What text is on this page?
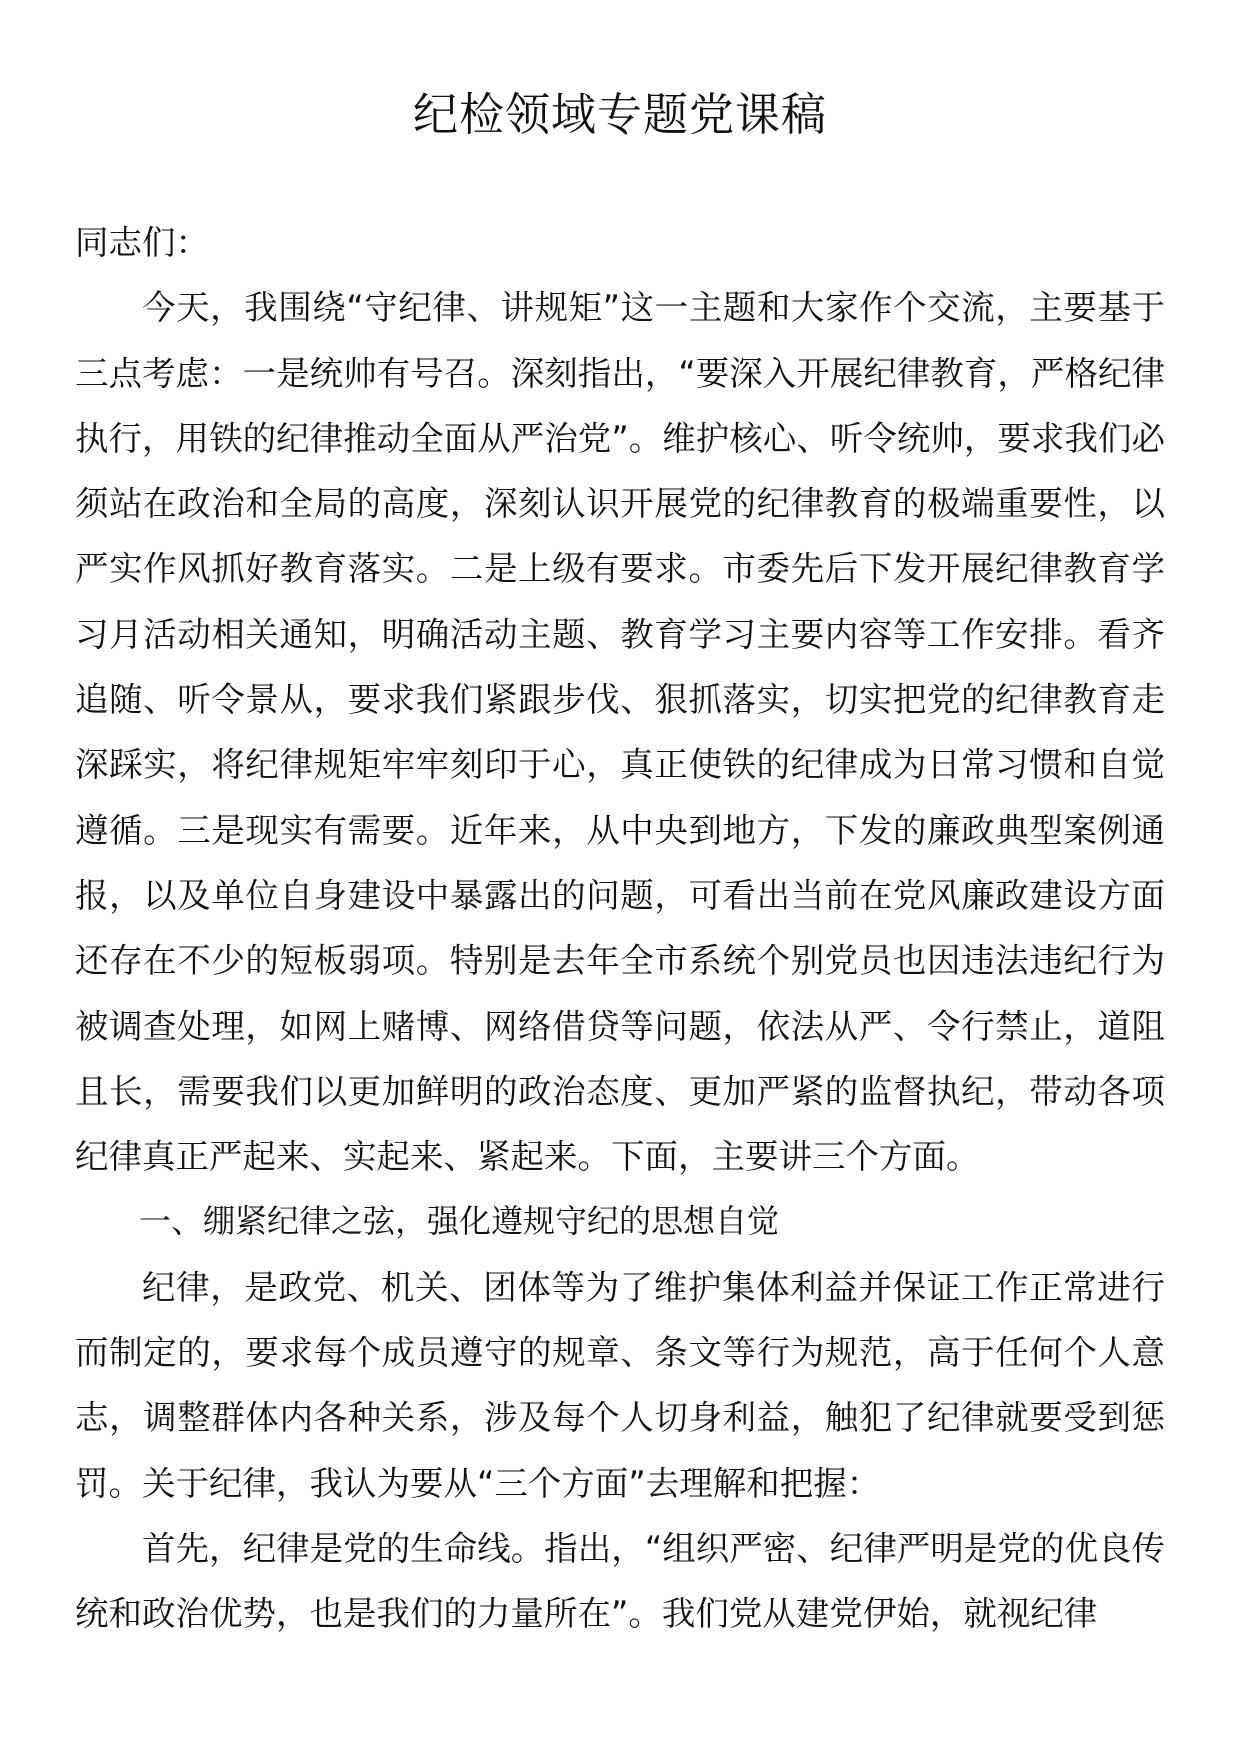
纪检领域专题党课稿

同志们：

今天，我围绕“守纪律、讲规矩”这一主题和大家作个交流，主要基于三点考虑：一是统帅有号召。深刻指出，“要深入开展纪律教育，严格纪律执行，用铁的纪律推动全面从严治党”。维护核心、听令统帅，要求我们必须站在政治和全局的高度，深刻认识开展党的纪律教育的极端重要性，以严实作风抓好教育落实。二是上级有要求。市委先后下发开展纪律教育学习月活动相关通知，明确活动主题、教育学习主要内容等工作安排。看齐追随、听令景从，要求我们紧跟步伐、狠抓落实，切实把党的纪律教育走深踩实，将纪律规矩牢牢刻印于心，真正使铁的纪律成为日常习惯和自觉遵循。三是现实有需要。近年来，从中央到地方，下发的廉政典型案例通报，以及单位自身建设中暴露出的问题，可看出当前在党风廉政建设方面还存在不少的短板弱项。特别是去年全市系统个别党员也因违法违纪行为被调查处理，如网上赌博、网络借贷等问题，依法从严、令行禁止，道阻且长，需要我们以更加鲜明的政治态度、更加严紧的监督执纪，带动各项纪律真正严起来、实起来、紧起来。下面，主要讲三个方面。

一、绷紧纪律之弦，强化遵规守纪的思想自觉

纪律，是政党、机关、团体等为了维护集体利益并保证工作正常进行而制定的，要求每个成员遵守的规章、条文等行为规范，高于任何个人意志，调整群体内各种关系，涉及每个人切身利益，触犯了纪律就要受到惩罚。关于纪律，我认为要从“三个方面”去理解和把握：

首先，纪律是党的生命线。指出，“组织严密、纪律严明是党的优良传统和政治优势，也是我们的力量所在”。我们党从建党伊始，就视纪律
